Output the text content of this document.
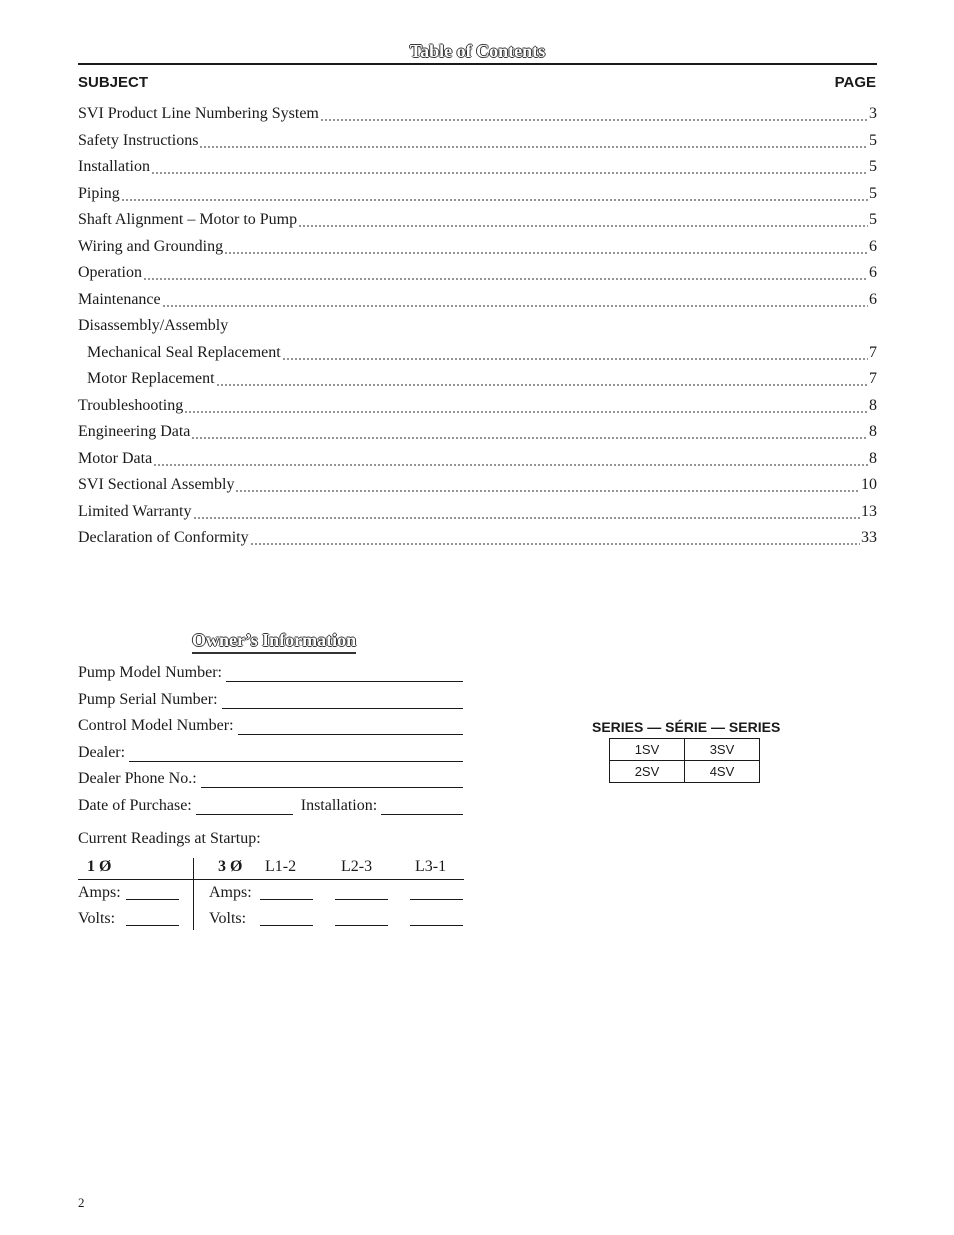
Table of Contents
SUBJECT	PAGE
SVI Product Line Numbering System	3
Safety Instructions	5
Installation	5
Piping	5
Shaft Alignment – Motor to Pump	5
Wiring and Grounding	6
Operation	6
Maintenance	6
Disassembly/Assembly
Mechanical Seal Replacement	7
Motor Replacement	7
Troubleshooting	8
Engineering Data	8
Motor Data	8
SVI Sectional Assembly	10
Limited Warranty	13
Declaration of Conformity	33
Owner’s Information
Pump Model Number:
Pump Serial Number:
Control Model Number:
Dealer:
Dealer Phone No.:
Date of Purchase:	Installation:
Current Readings at Startup:
1 Ø	3 Ø L1-2	L2-3	L3-1
Amps:	Amps:
Volts:	Volts:
SERIES — SÉRIE — SERIES
1SV	3SV
2SV	4SV
2
